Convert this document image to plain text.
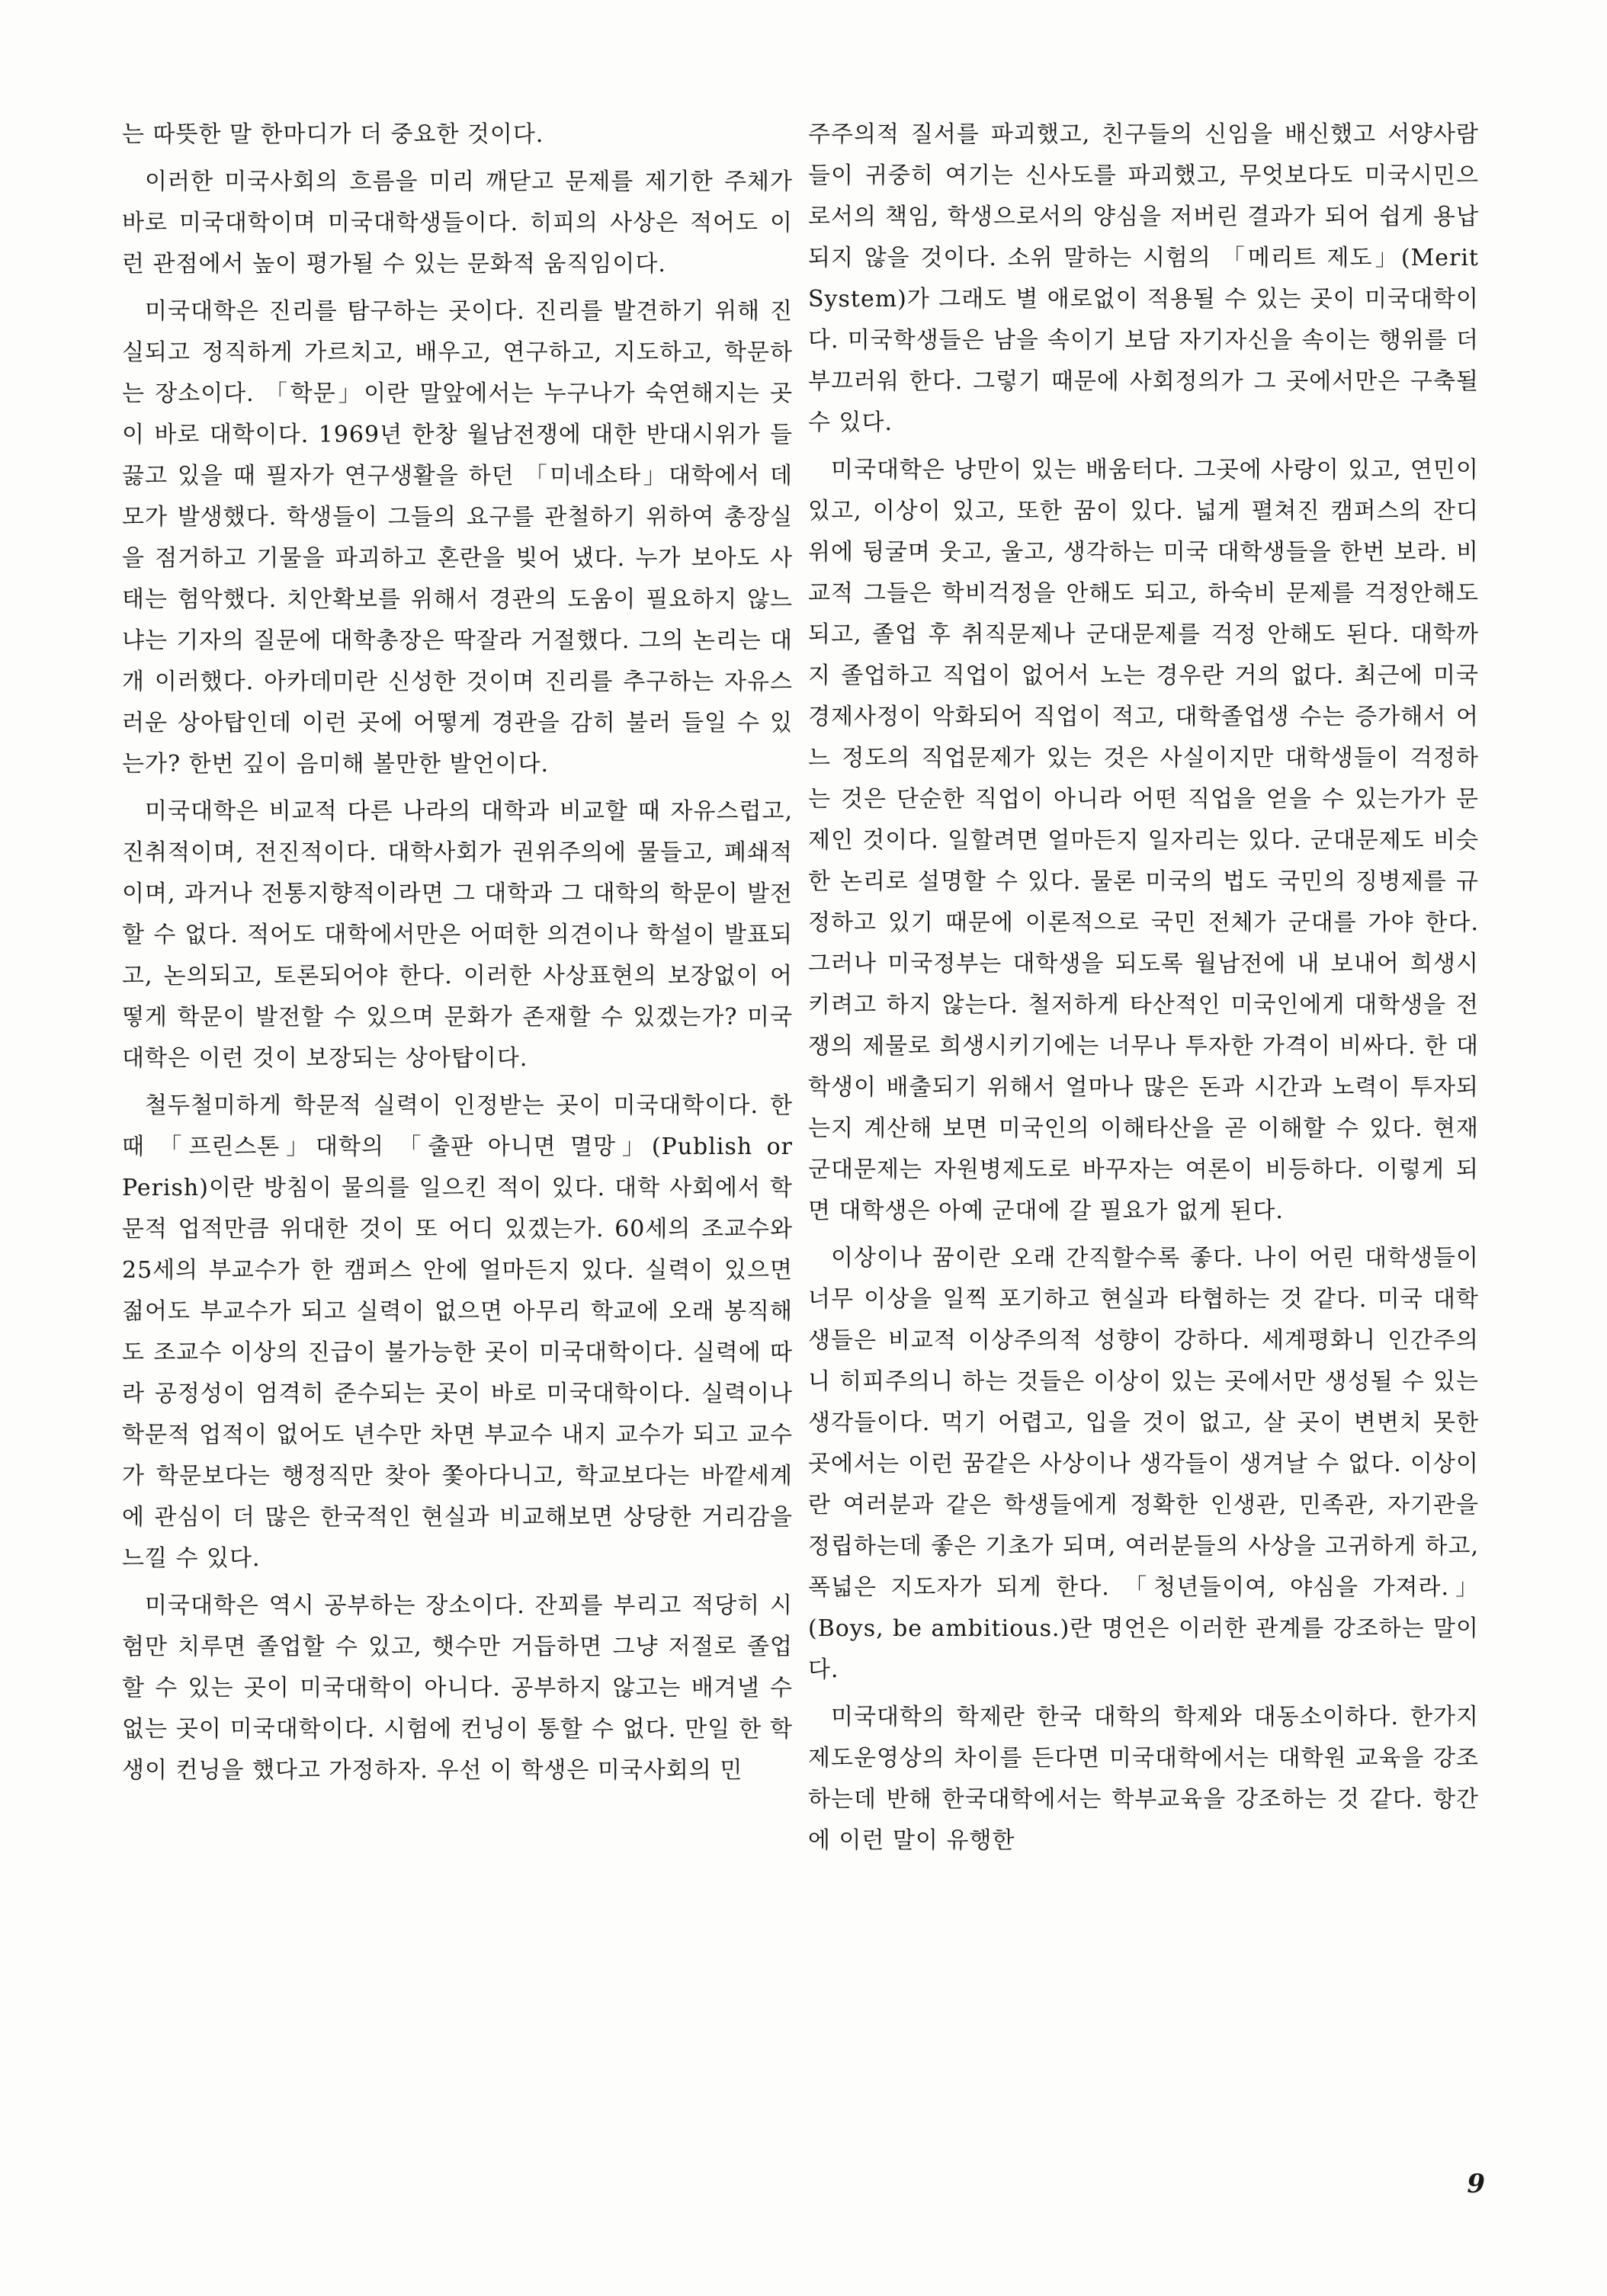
는 따뜻한 말 한마디가 더 중요한 것이다.

이러한 미국사회의 흐름을 미리 깨닫고 문제를 제기한 주체가 바로 미국대학이며 미국대학생들이다. 히피의 사상은 적어도 이런 관점에서 높이 평가될 수 있는 문화적 움직임이다.

미국대학은 진리를 탐구하는 곳이다. 진리를 발견하기 위해 진실되고 정직하게 가르치고, 배우고, 연구하고, 지도하고, 학문하는 장소이다. 「학문」이란 말앞에서는 누구나가 숙연해지는 곳이 바로 대학이다. 1969년 한창 월남전쟁에 대한 반대시위가 들끓고 있을 때 필자가 연구생활을 하던 「미네소타」대학에서 데모가 발생했다. 학생들이 그들의 요구를 관철하기 위하여 총장실을 점거하고 기물을 파괴하고 혼란을 빚어 냈다. 누가 보아도 사태는 험악했다. 치안확보를 위해서 경관의 도움이 필요하지 않느냐는 기자의 질문에 대학총장은 딱잘라 거절했다. 그의 논리는 대개 이러했다. 아카데미란 신성한 것이며 진리를 추구하는 자유스러운 상아탑인데 이런 곳에 어떻게 경관을 감히 불러 들일 수 있는가? 한번 깊이 음미해 볼만한 발언이다.

미국대학은 비교적 다른 나라의 대학과 비교할 때 자유스럽고, 진취적이며, 전진적이다. 대학사회가 권위주의에 물들고, 폐쇄적이며, 과거나 전통지향적이라면 그 대학과 그 대학의 학문이 발전할 수 없다. 적어도 대학에서만은 어떠한 의견이나 학설이 발표되고, 논의되고, 토론되어야 한다. 이러한 사상표현의 보장없이 어떻게 학문이 발전할 수 있으며 문화가 존재할 수 있겠는가? 미국대학은 이런 것이 보장되는 상아탑이다.

철두철미하게 학문적 실력이 인정받는 곳이 미국대학이다. 한때 「프린스톤」대학의 「출판 아니면 멸망」(Publish or Perish)이란 방침이 물의를 일으킨 적이 있다. 대학 사회에서 학문적 업적만큼 위대한 것이 또 어디 있겠는가. 60세의 조교수와 25세의 부교수가 한 캠퍼스 안에 얼마든지 있다. 실력이 있으면 젊어도 부교수가 되고 실력이 없으면 아무리 학교에 오래 봉직해도 조교수 이상의 진급이 불가능한 곳이 미국대학이다. 실력에 따라 공정성이 엄격히 준수되는 곳이 바로 미국대학이다. 실력이나 학문적 업적이 없어도 년수만 차면 부교수 내지 교수가 되고 교수가 학문보다는 행정직만 찾아 쫓아다니고, 학교보다는 바깥세계에 관심이 더 많은 한국적인 현실과 비교해보면 상당한 거리감을 느낄 수 있다.

미국대학은 역시 공부하는 장소이다. 잔꾀를 부리고 적당히 시험만 치루면 졸업할 수 있고, 햇수만 거듭하면 그냥 저절로 졸업할 수 있는 곳이 미국대학이 아니다. 공부하지 않고는 배겨낼 수 없는 곳이 미국대학이다. 시험에 컨닝이 통할 수 없다. 만일 한 학생이 컨닝을 했다고 가정하자. 우선 이 학생은 미국사회의 민

주주의적 질서를 파괴했고, 친구들의 신임을 배신했고 서양사람들이 귀중히 여기는 신사도를 파괴했고, 무엇보다도 미국시민으로서의 책임, 학생으로서의 양심을 저버린 결과가 되어 쉽게 용납되지 않을 것이다. 소위 말하는 시험의 「메리트 제도」(Merit System)가 그래도 별 애로없이 적용될 수 있는 곳이 미국대학이다. 미국학생들은 남을 속이기 보담 자기자신을 속이는 행위를 더 부끄러워 한다. 그렇기 때문에 사회정의가 그 곳에서만은 구축될 수 있다.

미국대학은 낭만이 있는 배움터다. 그곳에 사랑이 있고, 연민이 있고, 이상이 있고, 또한 꿈이 있다. 넓게 펼쳐진 캠퍼스의 잔디 위에 뒹굴며 웃고, 울고, 생각하는 미국 대학생들을 한번 보라. 비교적 그들은 학비걱정을 안해도 되고, 하숙비 문제를 걱정안해도 되고, 졸업 후 취직문제나 군대문제를 걱정 안해도 된다. 대학까지 졸업하고 직업이 없어서 노는 경우란 거의 없다. 최근에 미국 경제사정이 악화되어 직업이 적고, 대학졸업생 수는 증가해서 어느 정도의 직업문제가 있는 것은 사실이지만 대학생들이 걱정하는 것은 단순한 직업이 아니라 어떤 직업을 얻을 수 있는가가 문제인 것이다. 일할려면 얼마든지 일자리는 있다. 군대문제도 비슷한 논리로 설명할 수 있다. 물론 미국의 법도 국민의 징병제를 규정하고 있기 때문에 이론적으로 국민 전체가 군대를 가야 한다. 그러나 미국정부는 대학생을 되도록 월남전에 내 보내어 희생시키려고 하지 않는다. 철저하게 타산적인 미국인에게 대학생을 전쟁의 제물로 희생시키기에는 너무나 투자한 가격이 비싸다. 한 대학생이 배출되기 위해서 얼마나 많은 돈과 시간과 노력이 투자되는지 계산해 보면 미국인의 이해타산을 곧 이해할 수 있다. 현재 군대문제는 자원병제도로 바꾸자는 여론이 비등하다. 이렇게 되면 대학생은 아예 군대에 갈 필요가 없게 된다.

이상이나 꿈이란 오래 간직할수록 좋다. 나이 어린 대학생들이 너무 이상을 일찍 포기하고 현실과 타협하는 것 같다. 미국 대학생들은 비교적 이상주의적 성향이 강하다. 세계평화니 인간주의니 히피주의니 하는 것들은 이상이 있는 곳에서만 생성될 수 있는 생각들이다. 먹기 어렵고, 입을 것이 없고, 살 곳이 변변치 못한 곳에서는 이런 꿈같은 사상이나 생각들이 생겨날 수 없다. 이상이란 여러분과 같은 학생들에게 정확한 인생관, 민족관, 자기관을 정립하는데 좋은 기초가 되며, 여러분들의 사상을 고귀하게 하고, 폭넓은 지도자가 되게 한다. 「청년들이여, 야심을 가져라.」(Boys, be ambitious.)란 명언은 이러한 관계를 강조하는 말이다.

미국대학의 학제란 한국 대학의 학제와 대동소이하다. 한가지 제도운영상의 차이를 든다면 미국대학에서는 대학원 교육을 강조하는데 반해 한국대학에서는 학부교육을 강조하는 것 같다. 항간에 이런 말이 유행한

9
